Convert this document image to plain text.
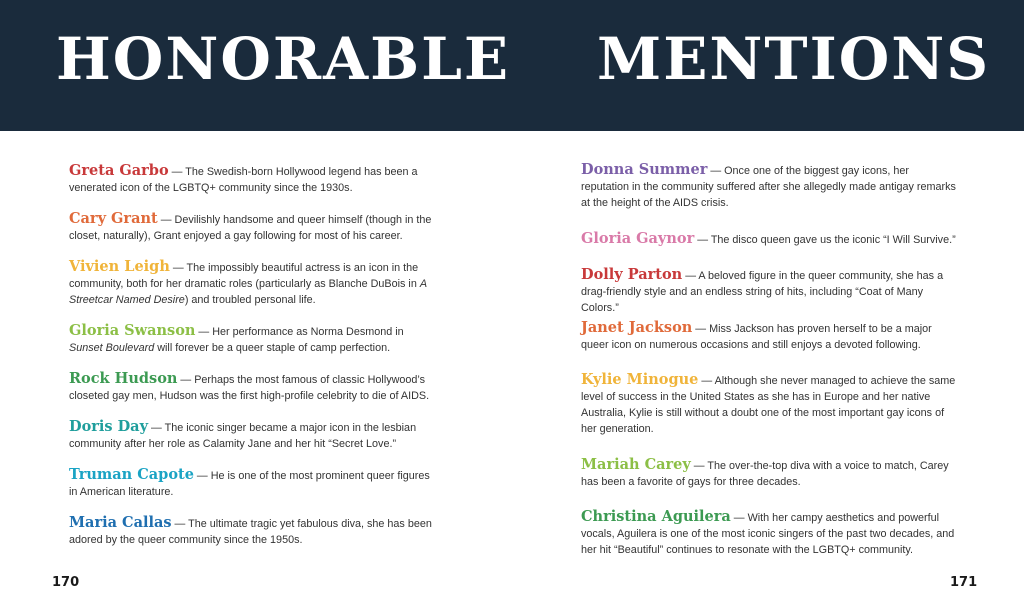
HONORABLE MENTIONS
Greta Garbo — The Swedish-born Hollywood legend has been a venerated icon of the LGBTQ+ community since the 1930s.
Cary Grant — Devilishly handsome and queer himself (though in the closet, naturally), Grant enjoyed a gay following for most of his career.
Vivien Leigh — The impossibly beautiful actress is an icon in the community, both for her dramatic roles (particularly as Blanche DuBois in A Streetcar Named Desire) and troubled personal life.
Gloria Swanson — Her performance as Norma Desmond in Sunset Boulevard will forever be a queer staple of camp perfection.
Rock Hudson — Perhaps the most famous of classic Hollywood’s closeted gay men, Hudson was the first high-profile celebrity to die of AIDS.
Doris Day — The iconic singer became a major icon in the lesbian community after her role as Calamity Jane and her hit “Secret Love.”
Truman Capote — He is one of the most prominent queer figures in American literature.
Maria Callas — The ultimate tragic yet fabulous diva, she has been adored by the queer community since the 1950s.
Donna Summer — Once one of the biggest gay icons, her reputation in the community suffered after she allegedly made antigay remarks at the height of the AIDS crisis.
Gloria Gaynor — The disco queen gave us the iconic “I Will Survive.”
Dolly Parton — A beloved figure in the queer community, she has a drag-friendly style and an endless string of hits, including “Coat of Many Colors.”
Janet Jackson — Miss Jackson has proven herself to be a major queer icon on numerous occasions and still enjoys a devoted following.
Kylie Minogue — Although she never managed to achieve the same level of success in the United States as she has in Europe and her native Australia, Kylie is still without a doubt one of the most important gay icons of her generation.
Mariah Carey — The over-the-top diva with a voice to match, Carey has been a favorite of gays for three decades.
Christina Aguilera — With her campy aesthetics and powerful vocals, Aguilera is one of the most iconic singers of the past two decades, and her hit “Beautiful” continues to resonate with the LGBTQ+ community.
170	171
